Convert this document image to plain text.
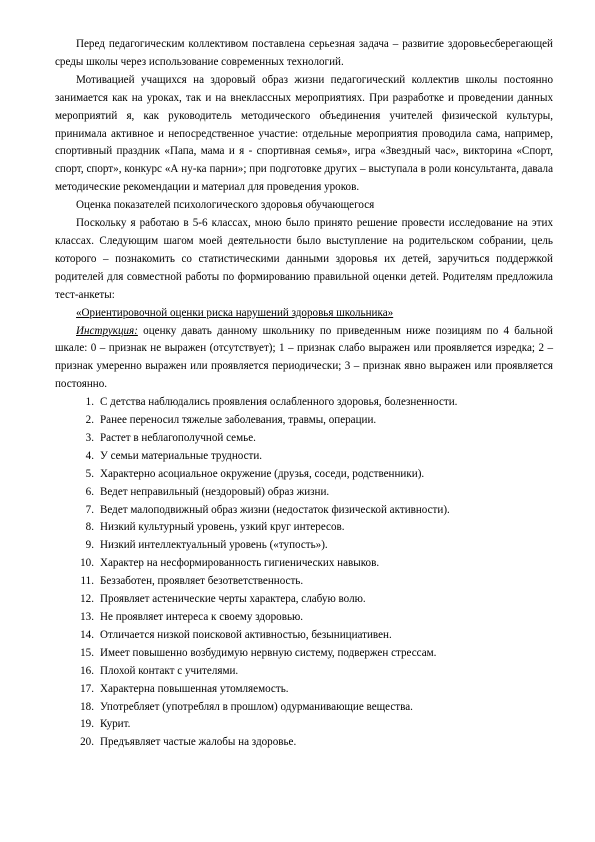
Перед педагогическим коллективом поставлена серьезная задача – развитие здоровьесберегающей среды школы через использование современных технологий.

Мотивацией учащихся на здоровый образ жизни педагогический коллектив школы постоянно занимается как на уроках, так и на внеклассных мероприятиях. При разработке и проведении данных мероприятий я, как руководитель методического объединения учителей физической культуры, принимала активное и непосредственное участие: отдельные мероприятия проводила сама, например, спортивный праздник «Папа, мама и я - спортивная семья», игра «Звездный час», викторина «Спорт, спорт, спорт», конкурс «А ну-ка парни»; при подготовке других – выступала в роли консультанта, давала методические рекомендации и материал для проведения уроков.

Оценка показателей психологического здоровья обучающегося

Поскольку я работаю в 5-6 классах, мною было принято решение провести исследование на этих классах. Следующим шагом моей деятельности было выступление на родительском собрании, цель которого – познакомить со статистическими данными здоровья их детей, заручиться поддержкой родителей для совместной работы по формированию правильной оценки детей. Родителям предложила тест-анкеты:

«Ориентировочной оценки риска нарушений здоровья школьника»

Инструкция: оценку давать данному школьнику по приведенным ниже позициям по 4 бальной шкале: 0 – признак не выражен (отсутствует); 1 – признак слабо выражен или проявляется изредка; 2 – признак умеренно выражен или проявляется периодически; 3 – признак явно выражен или проявляется постоянно.

1. С детства наблюдались проявления ослабленного здоровья, болезненности.
2. Ранее переносил тяжелые заболевания, травмы, операции.
3. Растет в неблагополучной семье.
4. У семьи материальные трудности.
5. Характерно асоциальное окружение (друзья, соседи, родственники).
6. Ведет неправильный (нездоровый) образ жизни.
7. Ведет малоподвижный образ жизни (недостаток физической активности).
8. Низкий культурный уровень, узкий круг интересов.
9. Низкий интеллектуальный уровень («тупость»).
10. Характер на несформированность гигиенических навыков.
11. Беззаботен, проявляет безответственность.
12. Проявляет астенические черты характера, слабую волю.
13. Не проявляет интереса к своему здоровью.
14. Отличается низкой поисковой активностью, безынициативен.
15. Имеет повышенно возбудимую нервную систему, подвержен стрессам.
16. Плохой контакт с учителями.
17. Характерна повышенная утомляемость.
18. Употребляет (употреблял в прошлом) одурманивающие вещества.
19. Курит.
20. Предъявляет частые жалобы на здоровье.
